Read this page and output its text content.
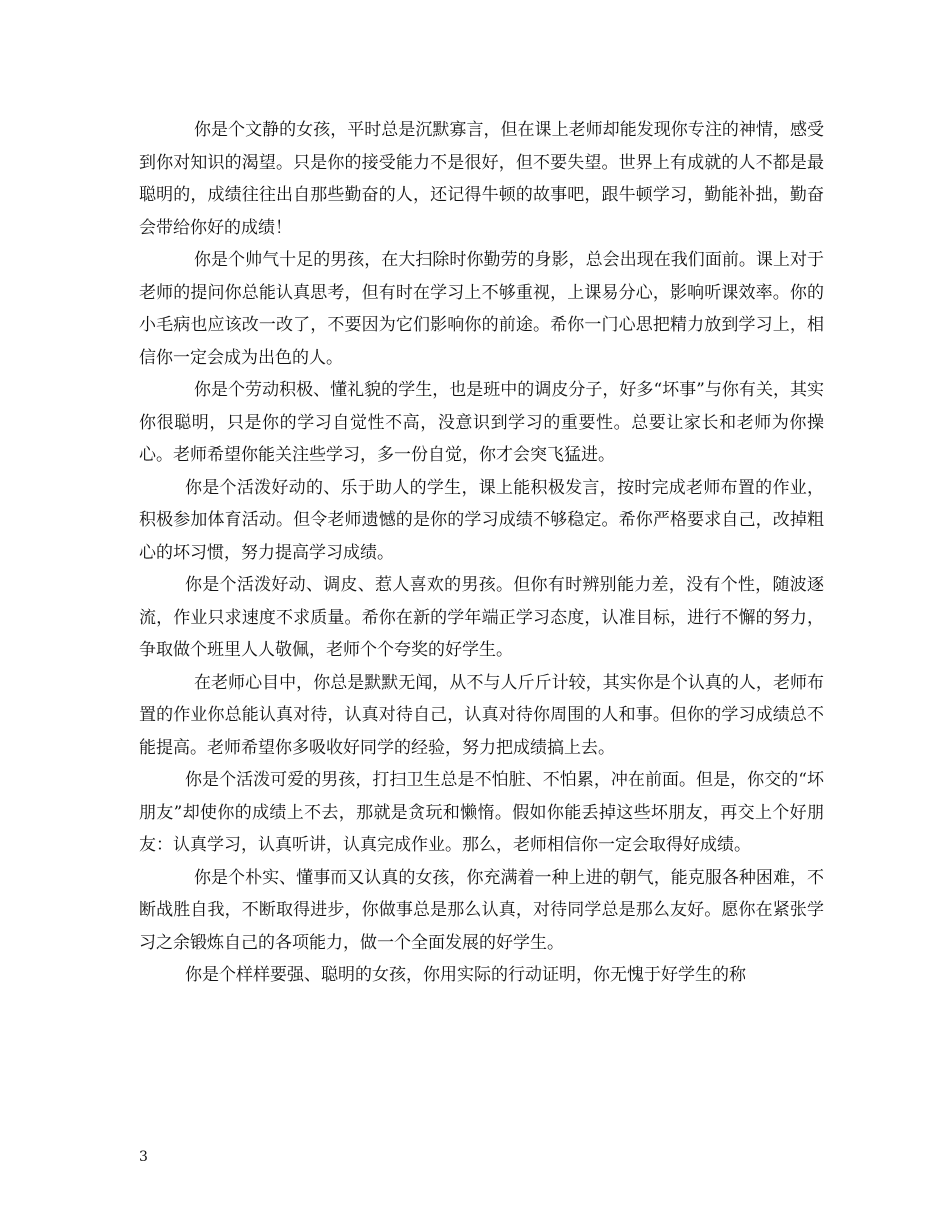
你是个文静的女孩，平时总是沉默寡言，但在课上老师却能发现你专注的神情，感受到你对知识的渴望。只是你的接受能力不是很好，但不要失望。世界上有成就的人不都是最聪明的，成绩往往出自那些勤奋的人，还记得牛顿的故事吧，跟牛顿学习，勤能补拙，勤奋会带给你好的成绩！

你是个帅气十足的男孩，在大扫除时你勤劳的身影，总会出现在我们面前。课上对于老师的提问你总能认真思考，但有时在学习上不够重视，上课易分心，影响听课效率。你的小毛病也应该改一改了，不要因为它们影响你的前途。希你一门心思把精力放到学习上，相信你一定会成为出色的人。

你是个劳动积极、懂礼貌的学生，也是班中的调皮分子，好多“坏事”与你有关，其实你很聪明，只是你的学习自觉性不高，没意识到学习的重要性。总要让家长和老师为你操心。老师希望你能关注些学习，多一份自觉，你才会突飞猛进。

你是个活泼好动的、乐于助人的学生，课上能积极发言，按时完成老师布置的作业，积极参加体育活动。但令老师遗憾的是你的学习成绩不够稳定。希你严格要求自己，改掉粗心的坏习惯，努力提高学习成绩。

你是个活泼好动、调皮、惹人喜欢的男孩。但你有时辨别能力差，没有个性，随波逐流，作业只求速度不求质量。希你在新的学年端正学习态度，认准目标，进行不懈的努力，争取做个班里人人敬佩，老师个个夸奖的好学生。

在老师心目中，你总是默默无闻，从不与人斤斤计较，其实你是个认真的人，老师布置的作业你总能认真对待，认真对待自己，认真对待你周围的人和事。但你的学习成绩总不能提高。老师希望你多吸收好同学的经验，努力把成绩搞上去。

你是个活泼可爱的男孩，打扫卫生总是不怕脏、不怕累，冲在前面。但是，你交的“坏朋友”却使你的成绩上不去，那就是贪玩和懒惰。假如你能丢掉这些坏朋友，再交上个好朋友：认真学习，认真听讲，认真完成作业。那么，老师相信你一定会取得好成绩。

你是个朴实、懂事而又认真的女孩，你充满着一种上进的朝气，能克服各种困难，不断战胜自我，不断取得进步，你做事总是那么认真，对待同学总是那么友好。愿你在紧张学习之余锻炼自己的各项能力，做一个全面发展的好学生。

你是个样样要强、聪明的女孩，你用实际的行动证明，你无愧于好学生的称

3
